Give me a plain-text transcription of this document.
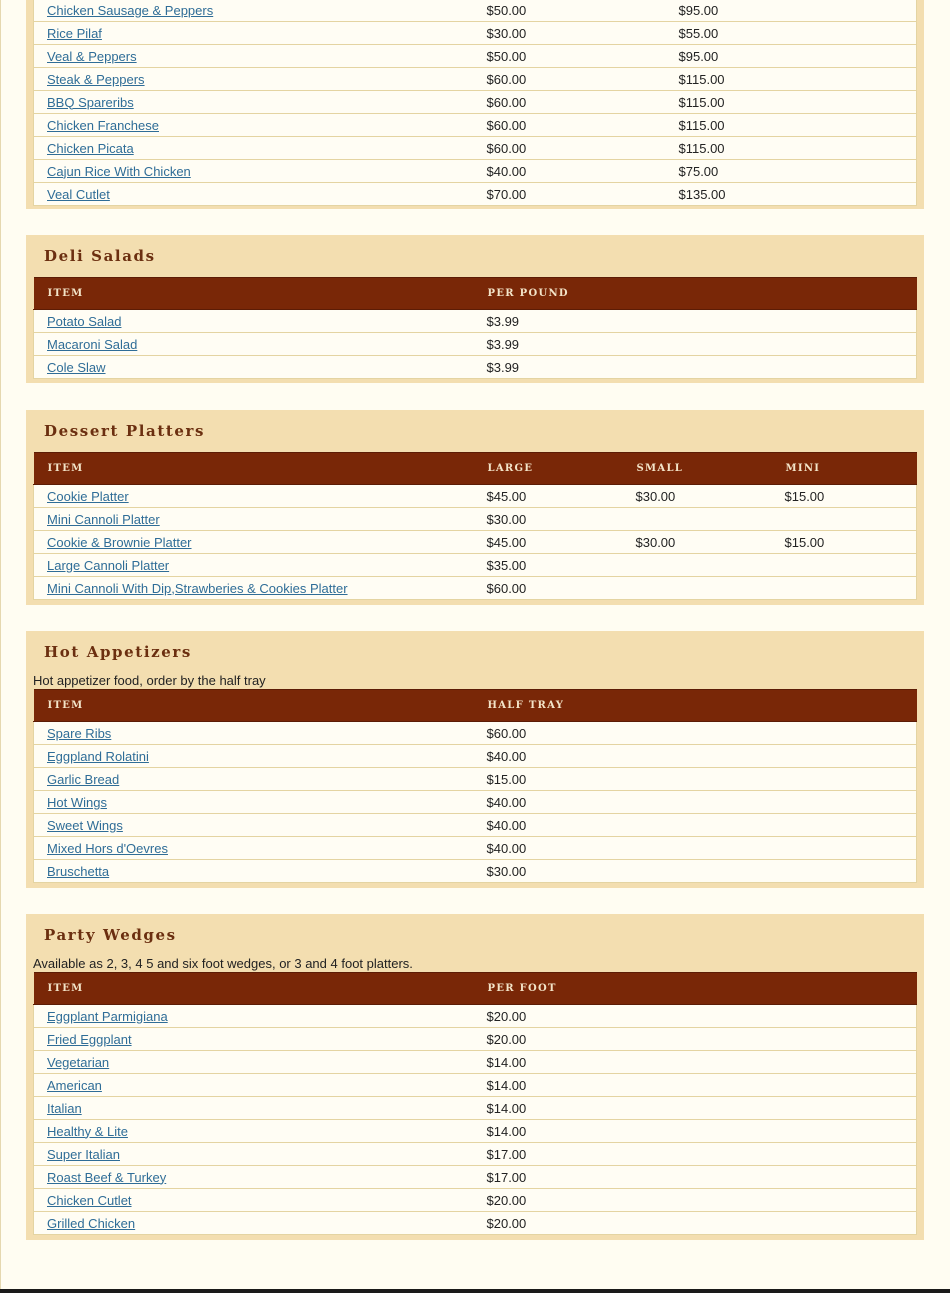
Chicken Sausage & Peppers	$50.00	$95.00
Rice Pilaf	$30.00	$55.00
Veal & Peppers	$50.00	$95.00
Steak & Peppers	$60.00	$115.00
BBQ Spareribs	$60.00	$115.00
Chicken Franchese	$60.00	$115.00
Chicken Picata	$60.00	$115.00
Cajun Rice With Chicken	$40.00	$75.00
Veal Cutlet	$70.00	$135.00
Deli Salads
ITEM	PER POUND
Potato Salad	$3.99
Macaroni Salad	$3.99
Cole Slaw	$3.99
Dessert Platters
ITEM	LARGE	SMALL	MINI
Cookie Platter	$45.00	$30.00	$15.00
Mini Cannoli Platter	$30.00		
Cookie & Brownie Platter	$45.00	$30.00	$15.00
Large Cannoli Platter	$35.00		
Mini Cannoli With Dip,Strawberies & Cookies Platter	$60.00		
Hot Appetizers
Hot appetizer food, order by the half tray
ITEM	HALF TRAY
Spare Ribs	$60.00
Eggpland Rolatini	$40.00
Garlic Bread	$15.00
Hot Wings	$40.00
Sweet Wings	$40.00
Mixed Hors d'Oevres	$40.00
Bruschetta	$30.00
Party Wedges
Available as 2, 3, 4 5 and six foot wedges, or 3 and 4 foot platters.
ITEM	PER FOOT
Eggplant Parmigiana	$20.00
Fried Eggplant	$20.00
Vegetarian	$14.00
American	$14.00
Italian	$14.00
Healthy & Lite	$14.00
Super Italian	$17.00
Roast Beef & Turkey	$17.00
Chicken Cutlet	$20.00
Grilled Chicken	$20.00
